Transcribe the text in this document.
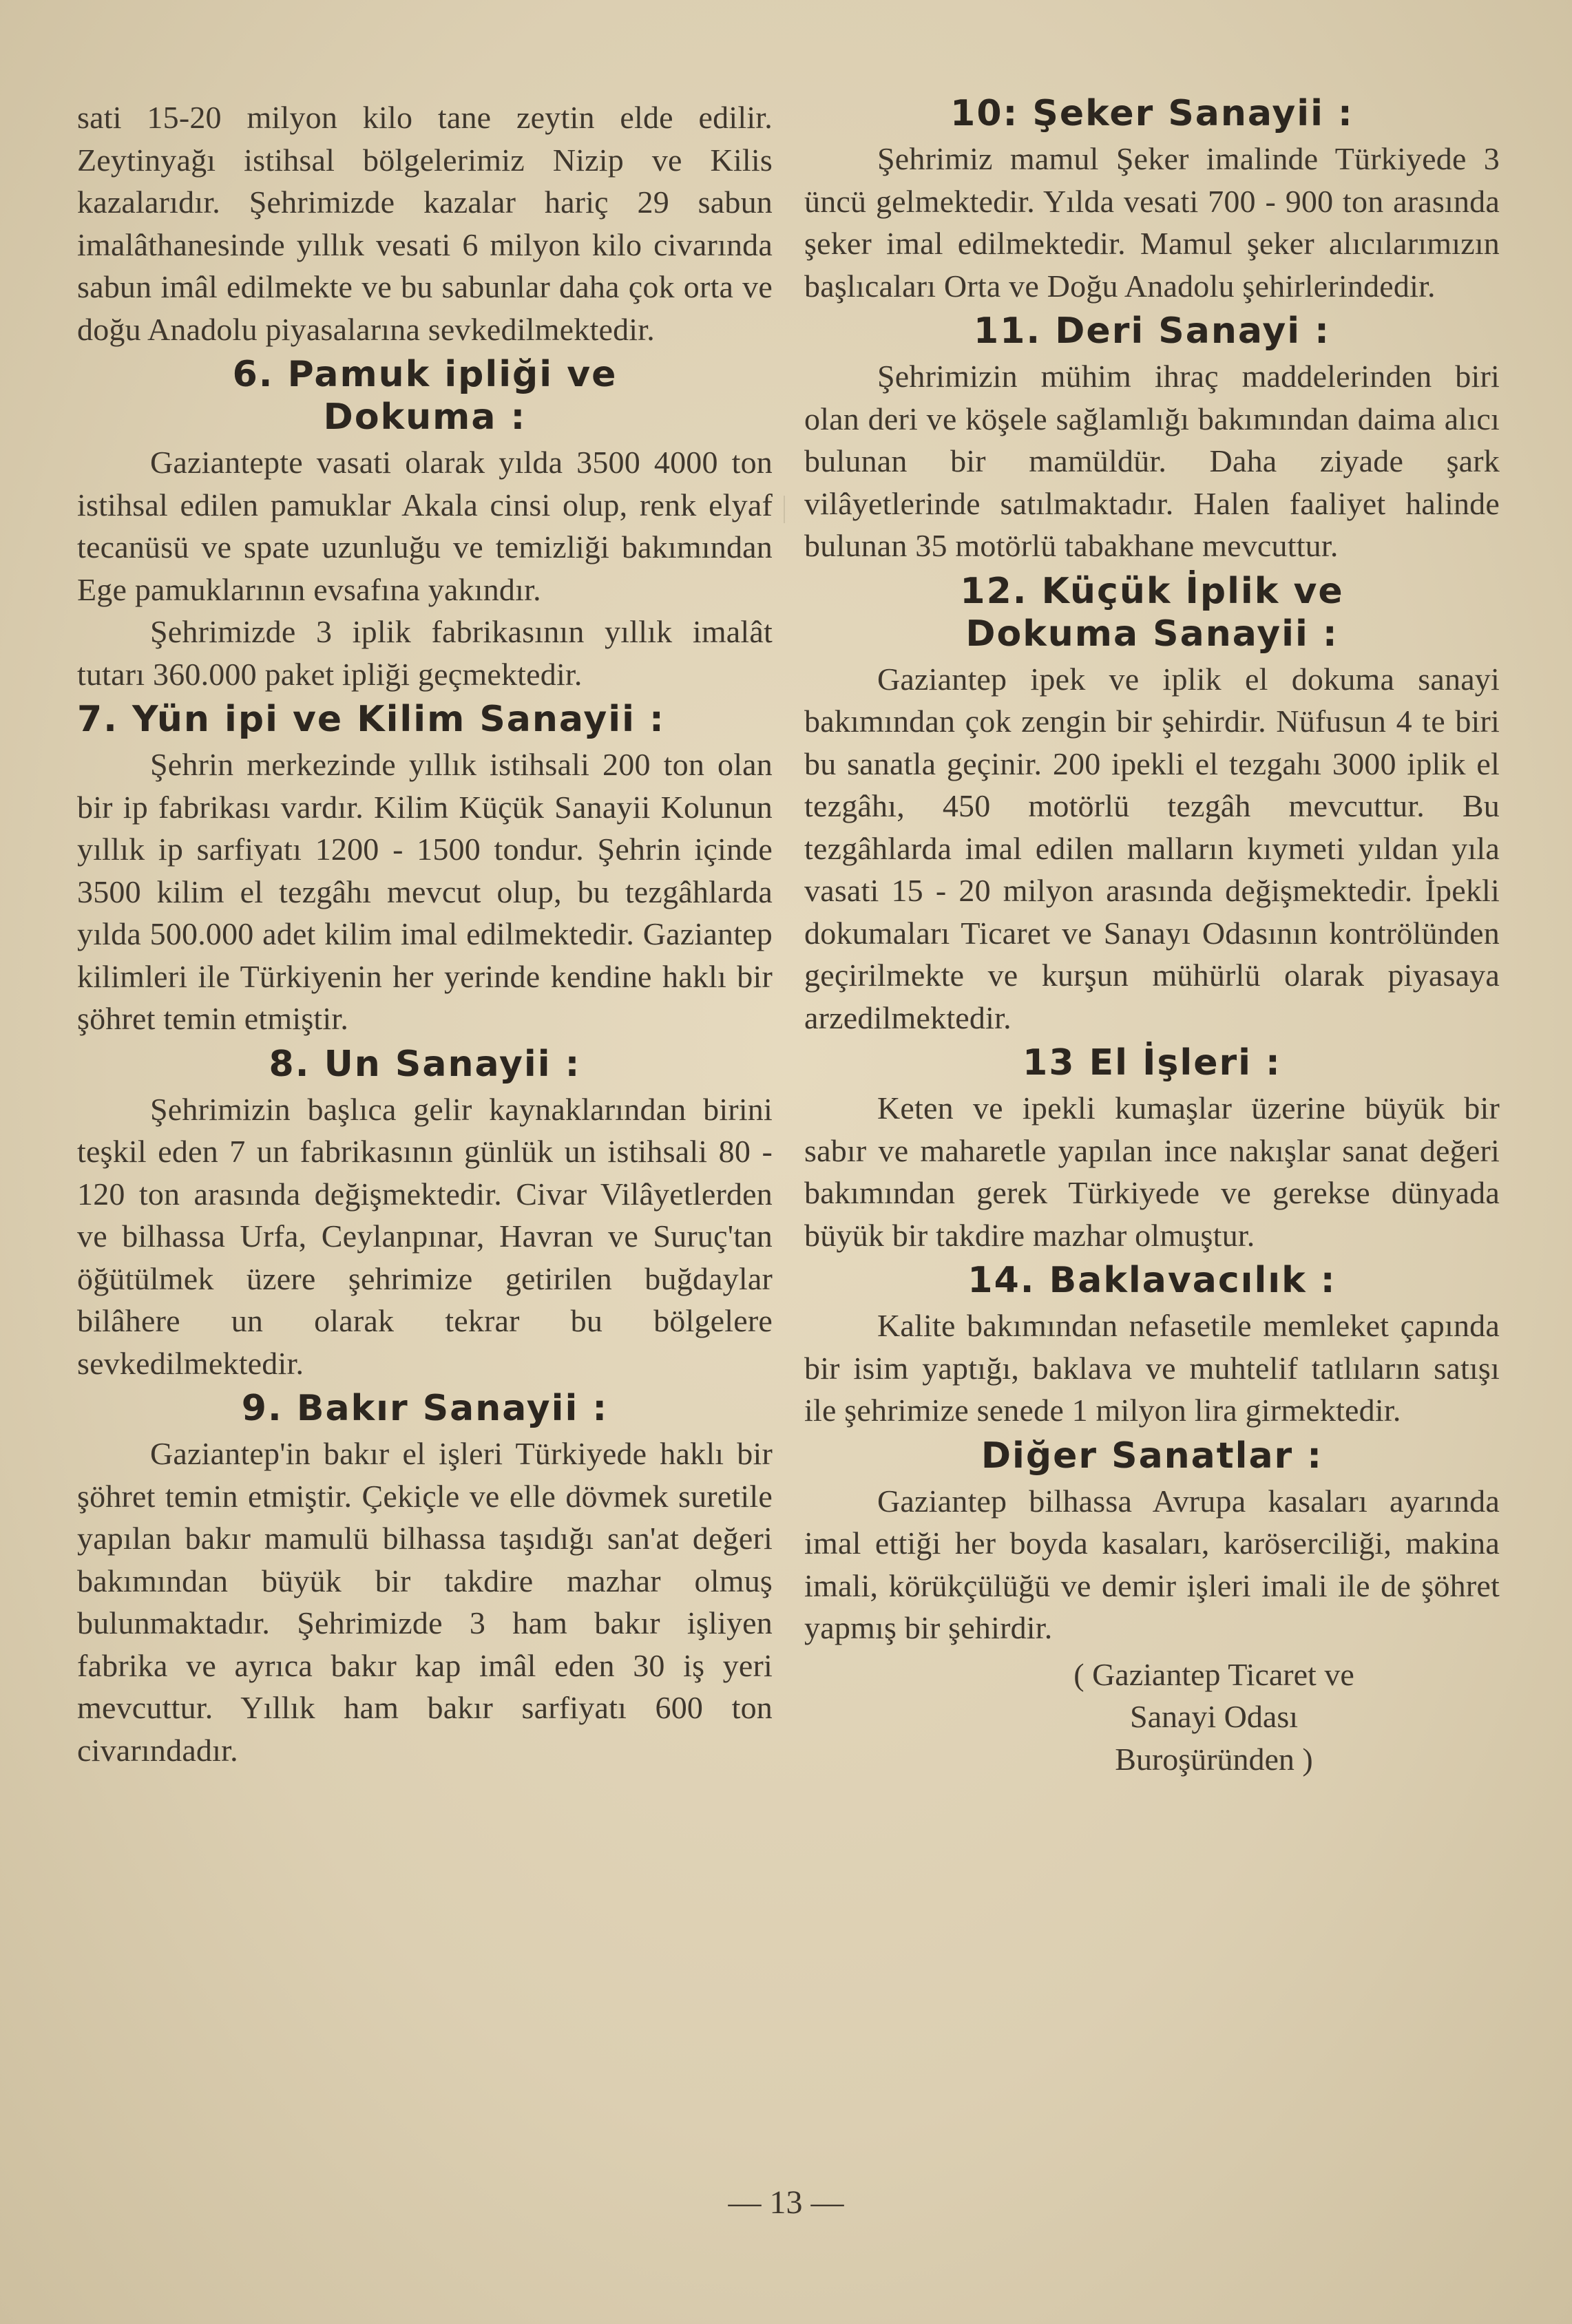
sati 15-20 milyon kilo tane zeytin elde edilir. Zeytinyağı istihsal bölgelerimiz Nizip ve Kilis kazalarıdır. Şehrimizde kazalar hariç 29 sabun imalâthanesinde yıllık vesati 6 milyon kilo civarında sabun imâl edilmekte ve bu sabunlar daha çok orta ve doğu Anadolu piyasalarına sevkedilmektedir.

6. Pamuk ipliği ve Dokuma :

Gaziantepte vasati olarak yılda 3500 4000 ton istihsal edilen pamuklar Akala cinsi olup, renk elyaf tecanüsü ve spate uzunluğu ve temizliği bakımından Ege pamuklarının evsafına yakındır.

Şehrimizde 3 iplik fabrikasının yıllık imalât tutarı 360.000 paket ipliği geçmektedir.

7. Yün ipi ve Kilim Sanayii :

Şehrin merkezinde yıllık istihsali 200 ton olan bir ip fabrikası vardır. Kilim Küçük Sanayii Kolunun yıllık ip sarfiyatı 1200 - 1500 tondur. Şehrin içinde 3500 kilim el tezgâhı mevcut olup, bu tezgâhlarda yılda 500.000 adet kilim imal edilmektedir. Gaziantep kilimleri ile Türkiyenin her yerinde kendine haklı bir şöhret temin etmiştir.

8. Un Sanayii :

Şehrimizin başlıca gelir kaynaklarından birini teşkil eden 7 un fabrikasının günlük un istihsali 80 - 120 ton arasında değişmektedir. Civar Vilâyetlerden ve bilhassa Urfa, Ceylanpınar, Havran ve Suruç'tan öğütülmek üzere şehrimize getirilen buğdaylar bilâhere un olarak tekrar bu bölgelere sevkedilmektedir.

9. Bakır Sanayii :

Gaziantep'in bakır el işleri Türkiyede haklı bir şöhret temin etmiştir. Çekiçle ve elle dövmek suretile yapılan bakır mamulü bilhassa taşıdığı san'at değeri bakımından büyük bir takdire mazhar olmuş bulunmaktadır. Şehrimizde 3 ham bakır işliyen fabrika ve ayrıca bakır kap imâl eden 30 iş yeri mevcuttur. Yıllık ham bakır sarfiyatı 600 ton civarındadır.

10: Şeker Sanayii :

Şehrimiz mamul Şeker imalinde Türkiyede 3 üncü gelmektedir. Yılda vesati 700 - 900 ton arasında şeker imal edilmektedir. Mamul şeker alıcılarımızın başlıcaları Orta ve Doğu Anadolu şehirlerindedir.

11. Deri Sanayi :

Şehrimizin mühim ihraç maddelerinden biri olan deri ve köşele sağlamlığı bakımından daima alıcı bulunan bir mamüldür. Daha ziyade şark vilâyetlerinde satılmaktadır. Halen faaliyet halinde bulunan 35 motörlü tabakhane mevcuttur.

12. Küçük İplik ve Dokuma Sanayii :

Gaziantep ipek ve iplik el dokuma sanayi bakımından çok zengin bir şehirdir. Nüfusun 4 te biri bu sanatla geçinir. 200 ipekli el tezgahı 3000 iplik el tezgâhı, 450 motörlü tezgâh mevcuttur. Bu tezgâhlarda imal edilen malların kıymeti yıldan yıla vasati 15 - 20 milyon arasında değişmektedir. İpekli dokumaları Ticaret ve Sanayı Odasının kontrölünden geçirilmekte ve kurşun mühürlü olarak piyasaya arzedilmektedir.

13 El İşleri :

Keten ve ipekli kumaşlar üzerine büyük bir sabır ve maharetle yapılan ince nakışlar sanat değeri bakımından gerek Türkiyede ve gerekse dünyada büyük bir takdire mazhar olmuştur.

14. Baklavacılık :

Kalite bakımından nefasetile memleket çapında bir isim yaptığı, baklava ve muhtelif tatlıların satışı ile şehrimize senede 1 milyon lira girmektedir.

Diğer Sanatlar :

Gaziantep bilhassa Avrupa kasaları ayarında imal ettiği her boyda kasaları, karöserciliği, makina imali, körükçülüğü ve demir işleri imali ile de şöhret yapmış bir şehirdir.

( Gaziantep Ticaret ve
Sanayi Odası
Buroşüründen )
— 13 —
